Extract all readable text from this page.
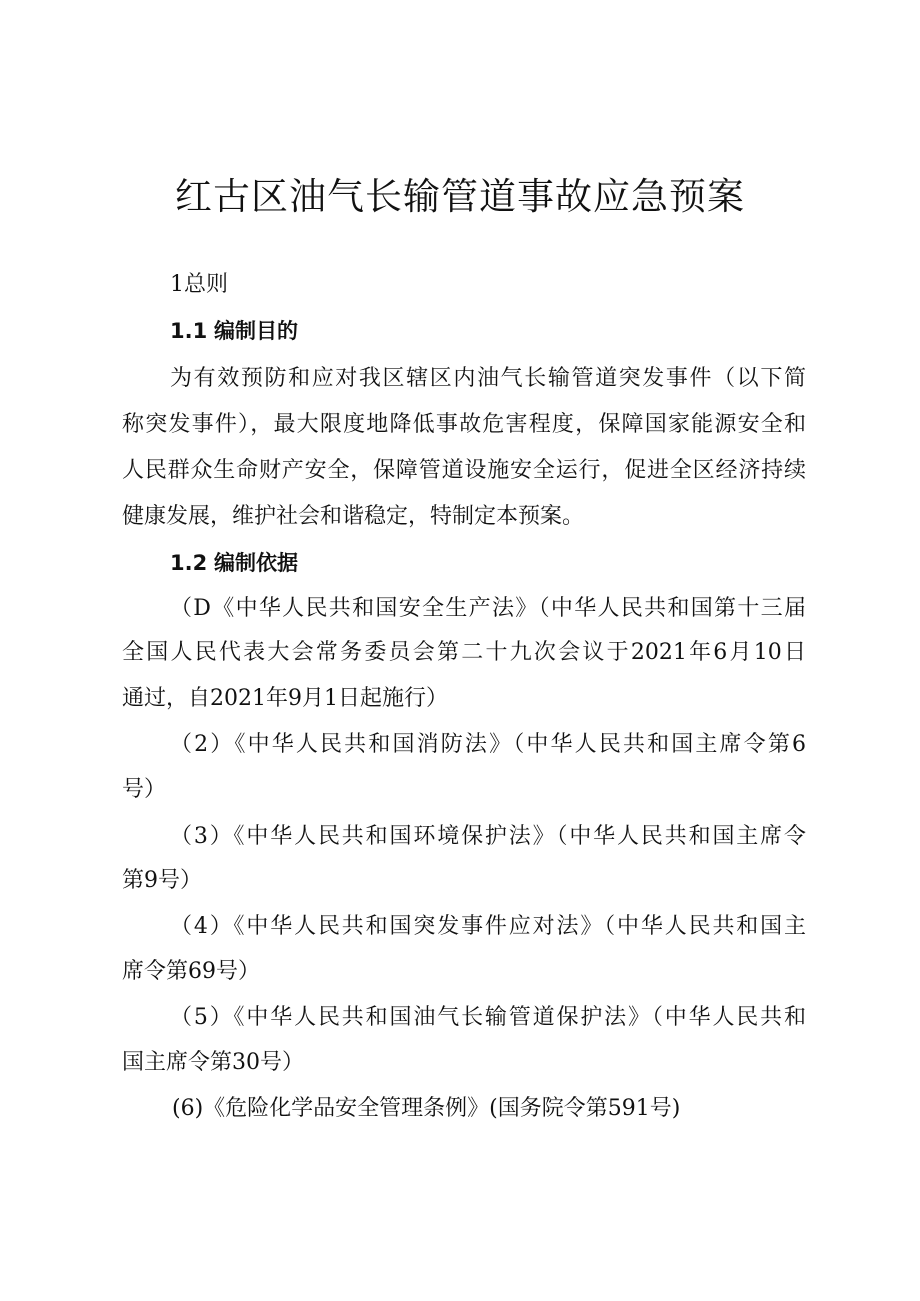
红古区油气长输管道事故应急预案
1总则
1.1 编制目的
为有效预防和应对我区辖区内油气长输管道突发事件（以下简
称突发事件），最大限度地降低事故危害程度，保障国家能源安全和
人民群众生命财产安全，保障管道设施安全运行，促进全区经济持续
健康发展，维护社会和谐稳定，特制定本预案。
1.2 编制依据
（D《中华人民共和国安全生产法》（中华人民共和国第十三届
全国人民代表大会常务委员会第二十九次会议于2021年6月10日
通过，自2021年9月1日起施行）
（2）《中华人民共和国消防法》（中华人民共和国主席令第6
号）
（3）《中华人民共和国环境保护法》（中华人民共和国主席令
第9号）
（4）《中华人民共和国突发事件应对法》（中华人民共和国主
席令第69号）
（5）《中华人民共和国油气长输管道保护法》（中华人民共和
国主席令第30号）
(6)《危险化学品安全管理条例》(国务院令第591号)
